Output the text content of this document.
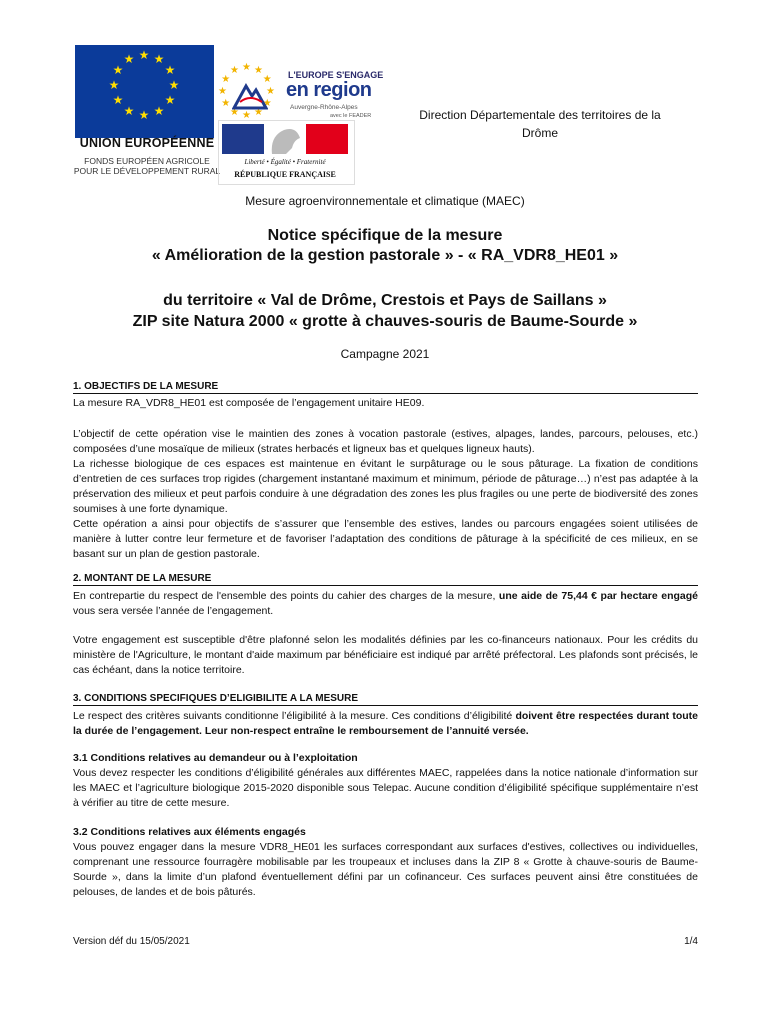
★ ★
★
★
★
★
★
★
★
★
★
★
UNION EUROPÉENNE
FONDS EUROPÉEN AGRICOLE
POUR LE DÉVELOPPEMENT RURAL
★ ★
★
★
★
★
★
★
★
★
★
★	L'EUROPE S'ENGAGE
en region
Auvergne-Rhône-Alpes
avec le FEADER
Liberté • Égalité • Fraternité
RÉPUBLIQUE FRANÇAISE
Direction Départementale des territoires de la
Drôme
Mesure agroenvironnementale et climatique (MAEC)
Notice spécifique de la mesure
« Amélioration de la gestion pastorale » - « RA_VDR8_HE01 »
du territoire « Val de Drôme, Crestois et Pays de Saillans »
ZIP site Natura 2000 « grotte à chauves-souris de Baume-Sourde »
Campagne 2021
1. OBJECTIFS DE LA MESURE
La mesure RA_VDR8_HE01 est composée de l’engagement unitaire HE09.

L’objectif de cette opération vise le maintien des zones à vocation pastorale (estives, alpages, landes, parcours, pelouses, etc.) composées d’une mosaïque de milieux (strates herbacés et ligneux bas et quelques ligneux hauts).

La richesse biologique de ces espaces est maintenue en évitant le surpâturage ou le sous pâturage. La fixation de conditions d’entretien de ces surfaces trop rigides (chargement instantané maximum et minimum, période de pâturage…) n’est pas adaptée à la préservation des milieux et peut parfois conduire à une dégradation des zones les plus fragiles ou une perte de biodiversité des zones soumises à une forte dynamique.

Cette opération a ainsi pour objectifs de s’assurer que l’ensemble des estives, landes ou parcours engagées soient utilisées de manière à lutter contre leur fermeture et de favoriser l’adaptation des conditions de pâturage à la spécificité de ces milieux, en se basant sur un plan de gestion pastorale.

2. MONTANT DE LA MESURE
En contrepartie du respect de l'ensemble des points du cahier des charges de la mesure, une aide de 75,44 € par hectare engagé vous sera versée l’année de l’engagement.
Votre engagement est susceptible d'être plafonné selon les modalités définies par les co-financeurs nationaux. Pour les crédits du ministère de l'Agriculture, le montant d'aide maximum par bénéficiaire est indiqué par arrêté préfectoral. Les plafonds sont précisés, le cas échéant, dans la notice territoire.
3. CONDITIONS SPECIFIQUES D’ELIGIBILITE A LA MESURE
Le respect des critères suivants conditionne l’éligibilité à la mesure. Ces conditions d’éligibilité doivent être respectées durant toute la durée de l’engagement. Leur non-respect entraîne le remboursement de l’annuité versée.
3.1 Conditions relatives au demandeur ou à l’exploitation
Vous devez respecter les conditions d’éligibilité générales aux différentes MAEC, rappelées dans la notice nationale d’information sur les MAEC et l’agriculture biologique 2015-2020 disponible sous Telepac. Aucune condition d’éligibilité spécifique supplémentaire n’est à vérifier au titre de cette mesure.
3.2 Conditions relatives aux éléments engagés
Vous pouvez engager dans la mesure VDR8_HE01 les surfaces correspondant aux surfaces d'estives, collectives ou individuelles, comprenant une ressource fourragère mobilisable par les troupeaux et incluses dans la ZIP 8 « Grotte à chauve-souris de Baume-Sourde », dans la limite d’un plafond éventuellement défini par un cofinanceur. Ces surfaces peuvent ainsi être constituées de pelouses, de landes et de bois pâturés.
Version déf du 15/05/2021	1/4
